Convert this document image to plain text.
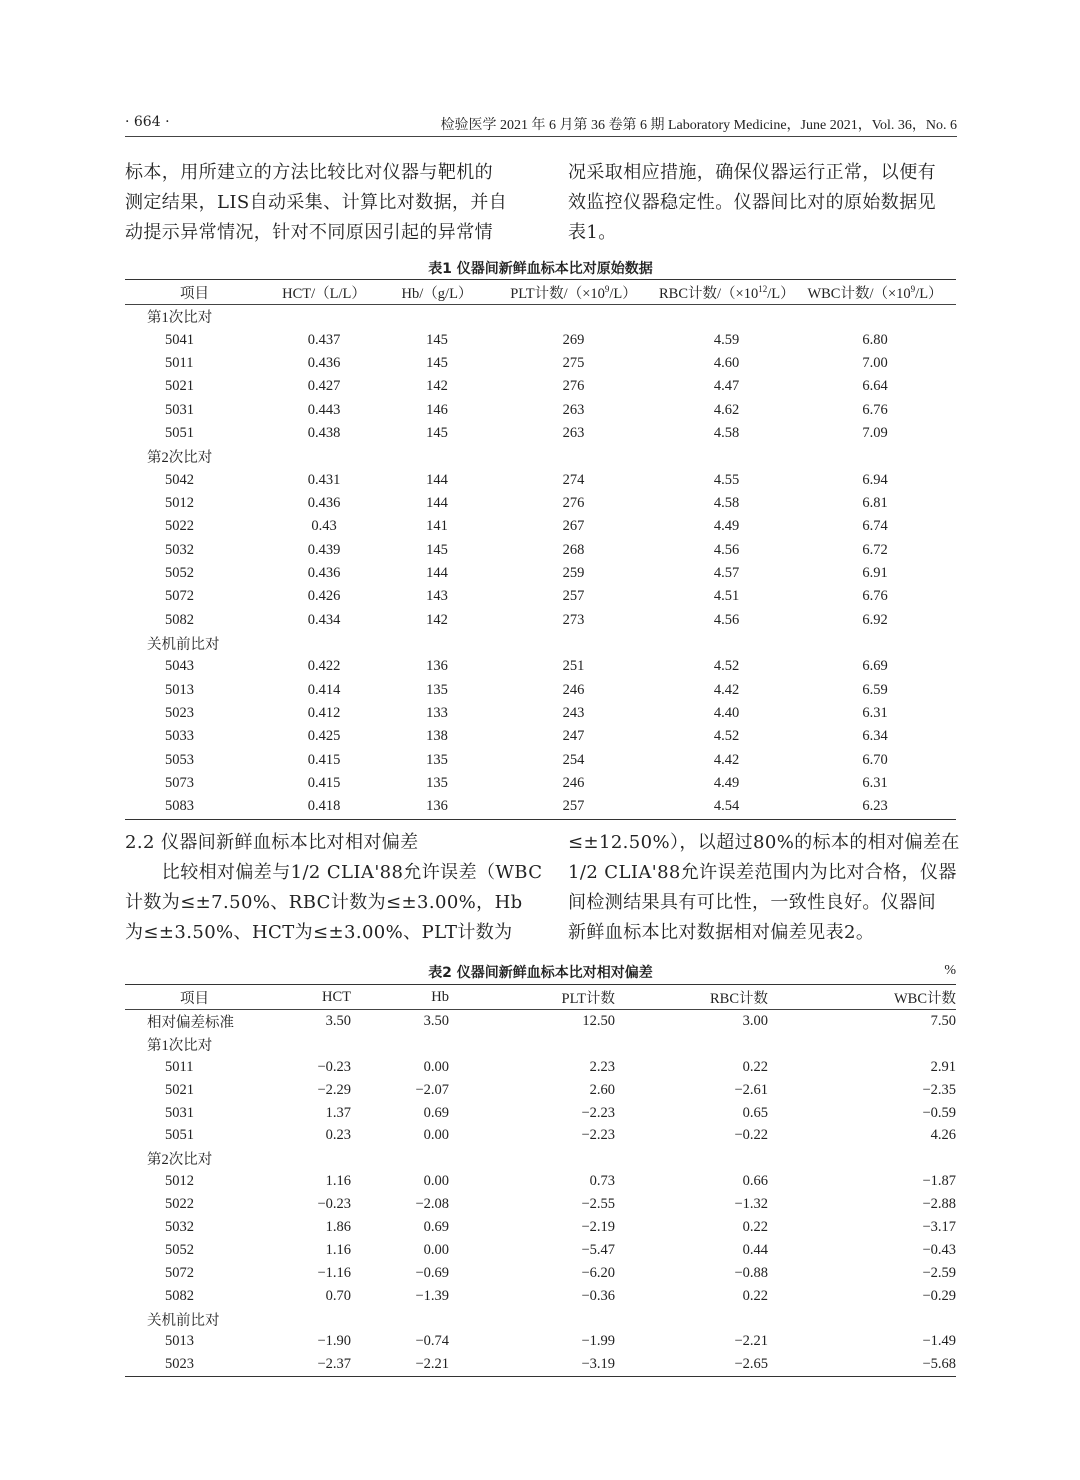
· 664 ·	检验医学 2021 年 6 月第 36 卷第 6 期 Laboratory Medicine，June 2021，Vol. 36，No. 6
标本，用所建立的方法比较比对仪器与靶机的
测定结果，LIS自动采集、计算比对数据，并自
动提示异常情况，针对不同原因引起的异常情
况采取相应措施，确保仪器运行正常，以便有
效监控仪器稳定性。仪器间比对的原始数据见
表1。
表1 仪器间新鲜血标本比对原始数据
项目	HCT/（L/L）	Hb/（g/L）	PLT计数$/(\times 10^9/L)$	RBC计数$/(\times 10^{12}/L)$	WBC计数$/(\times 10^9/L)$
第1次比对					
5041	0.437	145	269	4.59	6.80
5011	0.436	145	275	4.60	7.00
5021	0.427	142	276	4.47	6.64
5031	0.443	146	263	4.62	6.76
5051	0.438	145	263	4.58	7.09
第2次比对					
5042	0.431	144	274	4.55	6.94
5012	0.436	144	276	4.58	6.81
5022	0.43	141	267	4.49	6.74
5032	0.439	145	268	4.56	6.72
5052	0.436	144	259	4.57	6.91
5072	0.426	143	257	4.51	6.76
5082	0.434	142	273	4.56	6.92
关机前比对					
5043	0.422	136	251	4.52	6.69
5013	0.414	135	246	4.42	6.59
5023	0.412	133	243	4.40	6.31
5033	0.425	138	247	4.52	6.34
5053	0.415	135	254	4.42	6.70
5073	0.415	135	246	4.49	6.31
5083	0.418	136	257	4.54	6.23
2.2 仪器间新鲜血标本比对相对偏差
　　比较相对偏差与1/2 CLIA'88允许误差（WBC
计数为≤±7.50%、RBC计数为≤±3.00%，Hb
为≤±3.50%、HCT为≤±3.00%、PLT计数为
≤±12.50%），以超过80%的标本的相对偏差在
1/2 CLIA'88允许误差范围内为比对合格，仪器
间检测结果具有可比性，一致性良好。仪器间
新鲜血标本比对数据相对偏差见表2。
表2 仪器间新鲜血标本比对相对偏差	%
项目	HCT	Hb	PLT计数	RBC计数	WBC计数
相对偏差标准	3.50	3.50	12.50	3.00	7.50
第1次比对					
5011	−0.23	0.00	2.23	0.22	2.91
5021	−2.29	−2.07	2.60	−2.61	−2.35
5031	1.37	0.69	−2.23	0.65	−0.59
5051	0.23	0.00	−2.23	−0.22	4.26
第2次比对					
5012	1.16	0.00	0.73	0.66	−1.87
5022	−0.23	−2.08	−2.55	−1.32	−2.88
5032	1.86	0.69	−2.19	0.22	−3.17
5052	1.16	0.00	−5.47	0.44	−0.43
5072	−1.16	−0.69	−6.20	−0.88	−2.59
5082	0.70	−1.39	−0.36	0.22	−0.29
关机前比对					
5013	−1.90	−0.74	−1.99	−2.21	−1.49
5023	−2.37	−2.21	−3.19	−2.65	−5.68
